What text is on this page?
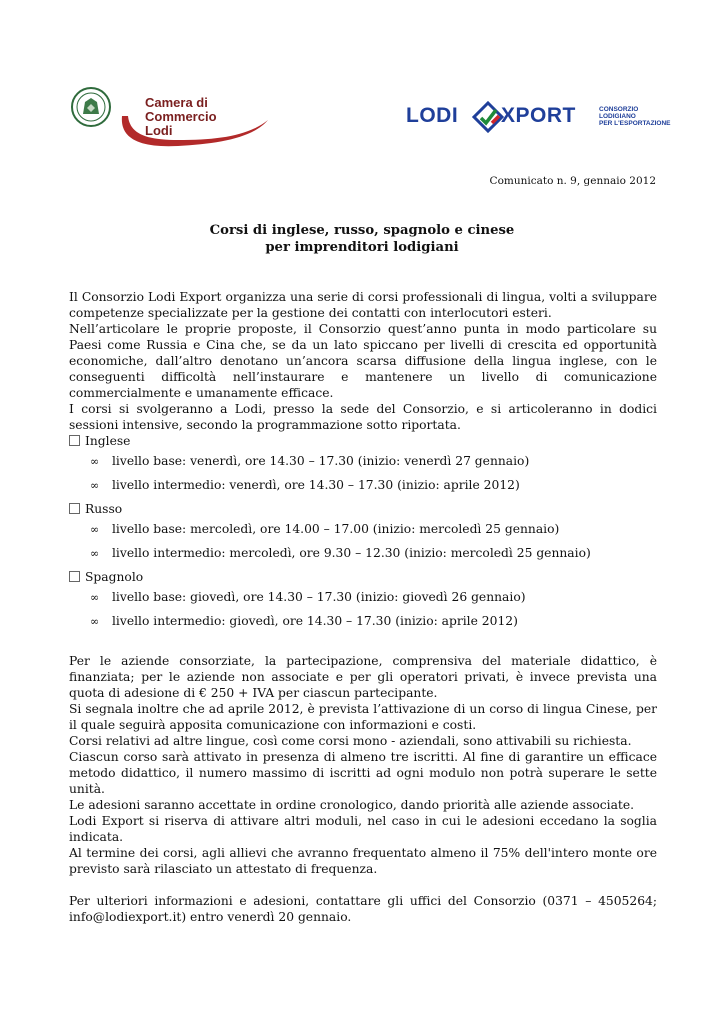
Camera di Commercio
Lodi
LODI XPORT	CONSORZIO
LODIGIANO
PER L'ESPORTAZIONE
Comunicato n. 9, gennaio 2012
Corsi di inglese, russo, spagnolo e cinese
per imprenditori lodigiani

Il Consorzio Lodi Export organizza una serie di corsi professionali di lingua, volti a sviluppare competenze specializzate per la gestione dei contatti con interlocutori esteri.

Nell’articolare le proprie proposte, il Consorzio quest’anno punta in modo particolare su Paesi come Russia e Cina che, se da un lato spiccano per livelli di crescita ed opportunità economiche, dall’altro denotano un’ancora scarsa diffusione della lingua inglese, con le conseguenti difficoltà nell’instaurare e mantenere un livello di comunicazione commercialmente e umanamente efficace.

I corsi si svolgeranno a Lodi, presso la sede del Consorzio, e si articoleranno in dodici sessioni intensive, secondo la programmazione sotto riportata.

Inglese

∞ livello base: venerdì, ore 14.30 – 17.30 (inizio: venerdì 27 gennaio)

∞ livello intermedio: venerdì, ore 14.30 – 17.30 (inizio: aprile 2012)

Russo

∞ livello base: mercoledì, ore 14.00 – 17.00 (inizio: mercoledì 25 gennaio)

∞ livello intermedio: mercoledì, ore 9.30 – 12.30 (inizio: mercoledì 25 gennaio)

Spagnolo

∞ livello base: giovedì, ore 14.30 – 17.30 (inizio: giovedì 26 gennaio)

∞ livello intermedio: giovedì, ore 14.30 – 17.30 (inizio: aprile 2012)

Per le aziende consorziate, la partecipazione, comprensiva del materiale didattico, è finanziata; per le aziende non associate e per gli operatori privati, è invece prevista una quota di adesione di € 250 + IVA per ciascun partecipante.

Si segnala inoltre che ad aprile 2012, è prevista l’attivazione di un corso di lingua Cinese, per il quale seguirà apposita comunicazione con informazioni e costi.

Corsi relativi ad altre lingue, così come corsi mono - aziendali, sono attivabili su richiesta.

Ciascun corso sarà attivato in presenza di almeno tre iscritti. Al fine di garantire un efficace metodo didattico, il numero massimo di iscritti ad ogni modulo non potrà superare le sette unità.

Le adesioni saranno accettate in ordine cronologico, dando priorità alle aziende associate.

Lodi Export si riserva di attivare altri moduli, nel caso in cui le adesioni eccedano la soglia indicata.

Al termine dei corsi, agli allievi che avranno frequentato almeno il 75% dell'intero monte ore previsto sarà rilasciato un attestato di frequenza.

Per ulteriori informazioni e adesioni, contattare gli uffici del Consorzio (0371 – 4505264; info@lodiexport.it) entro venerdì 20 gennaio.
